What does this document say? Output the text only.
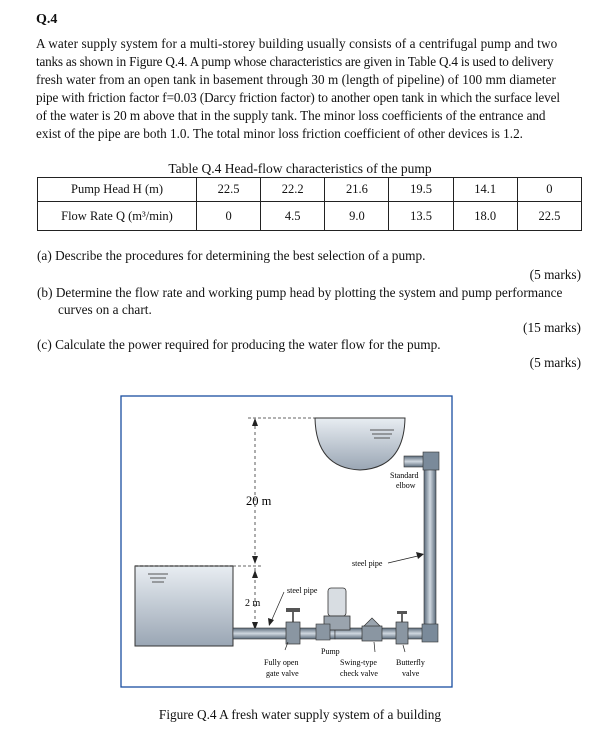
Q.4

A water supply system for a multi-storey building usually consists of a centrifugal pump and two

tanks as shown in Figure Q.4. A pump whose characteristics are given in Table Q.4 is used to delivery

fresh water from an open tank in basement through 30 m (length of pipeline) of 100 mm diameter

pipe with friction factor f=0.03 (Darcy friction factor) to another open tank in which the surface level

of the water is 20 m above that in the supply tank. The minor loss coefficients of the entrance and

exist of the pipe are both 1.0. The total minor loss friction coefficient of other devices is 1.2.

Table Q.4 Head-flow characteristics of the pump
Pump Head H (m)	22.5	22.2	21.6	19.5	14.1	0
Flow Rate Q (m³/min)	0	4.5	9.0	13.5	18.0	22.5
(a) Describe the procedures for determining the best selection of a pump.
(5 marks)
(b) Determine the flow rate and working pump head by plotting the system and pump performance
curves on a chart.
(15 marks)
(c) Calculate the power required for producing the water flow for the pump.
(5 marks)
20 m
2 m
steel pipe
steel pipe
Standard
elbow
Pump
Fully open
gate valve
Swing-type
check valve
Butterfly
valve
Figure Q.4 A fresh water supply system of a building
